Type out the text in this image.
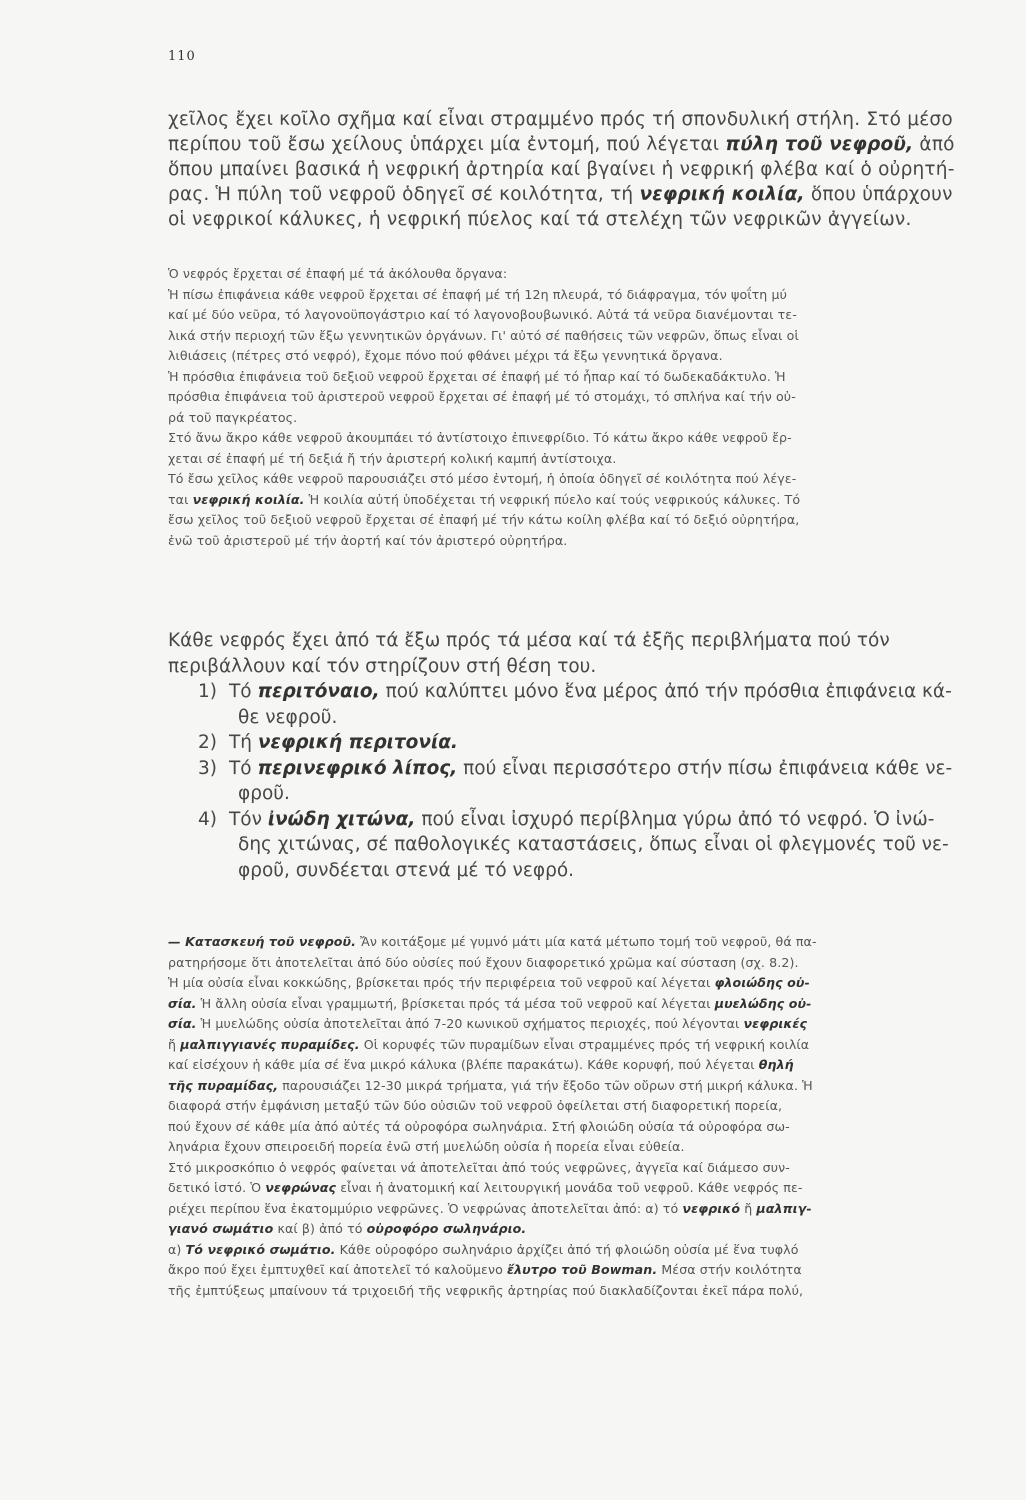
110
χεῖλος ἔχει κοῖλο σχῆμα καί εἶναι στραμμένο πρός τή σπονδυλική στήλη. Στό μέσο
περίπου τοῦ ἔσω χείλους ὑπάρχει μία ἐντομή, πού λέγεται πύλη τοῦ νεφροῦ, ἀπό
ὅπου μπαίνει βασικά ἡ νεφρική ἀρτηρία καί βγαίνει ἡ νεφρική φλέβα καί ὁ οὐρητή-
ρας. Ἡ πύλη τοῦ νεφροῦ ὁδηγεῖ σέ κοιλότητα, τή νεφρική κοιλία, ὅπου ὑπάρχουν
οἱ νεφρικοί κάλυκες, ἡ νεφρική πύελος καί τά στελέχη τῶν νεφρικῶν ἀγγείων.
Ὁ νεφρός ἔρχεται σέ ἐπαφή μέ τά ἀκόλουθα ὄργανα:
Ἡ πίσω ἐπιφάνεια κάθε νεφροῦ ἔρχεται σέ ἐπαφή μέ τή 12η πλευρά, τό διάφραγμα, τόν ψοΐτη μύ
καί μέ δύο νεῦρα, τό λαγονοϋπογάστριο καί τό λαγονοβουβωνικό. Αὐτά τά νεῦρα διανέμονται τε-
λικά στήν περιοχή τῶν ἔξω γεννητικῶν ὀργάνων. Γι' αὐτό σέ παθήσεις τῶν νεφρῶν, ὅπως εἶναι οἱ
λιθιάσεις (πέτρες στό νεφρό), ἔχομε πόνο πού φθάνει μέχρι τά ἔξω γεννητικά ὄργανα.
Ἡ πρόσθια ἐπιφάνεια τοῦ δεξιοῦ νεφροῦ ἔρχεται σέ ἐπαφή μέ τό ἧπαρ καί τό δωδεκαδάκτυλο. Ἡ
πρόσθια ἐπιφάνεια τοῦ ἀριστεροῦ νεφροῦ ἔρχεται σέ ἐπαφή μέ τό στομάχι, τό σπλήνα καί τήν οὐ-
ρά τοῦ παγκρέατος.
Στό ἄνω ἄκρο κάθε νεφροῦ ἀκουμπάει τό ἀντίστοιχο ἐπινεφρίδιο. Τό κάτω ἄκρο κάθε νεφροῦ ἔρ-
χεται σέ ἐπαφή μέ τή δεξιά ἤ τήν ἀριστερή κολική καμπή ἀντίστοιχα.
Τό ἔσω χεῖλος κάθε νεφροῦ παρουσιάζει στό μέσο ἐντομή, ἡ ὁποία ὁδηγεῖ σέ κοιλότητα πού λέγε-
ται νεφρική κοιλία. Ἡ κοιλία αὐτή ὑποδέχεται τή νεφρική πύελο καί τούς νεφρικούς κάλυκες. Τό
ἔσω χεῖλος τοῦ δεξιοῦ νεφροῦ ἔρχεται σέ ἐπαφή μέ τήν κάτω κοίλη φλέβα καί τό δεξιό οὐρητήρα,
ἐνῶ τοῦ ἀριστεροῦ μέ τήν ἀορτή καί τόν ἀριστερό οὐρητήρα.
Κάθε νεφρός ἔχει ἀπό τά ἔξω πρός τά μέσα καί τά ἑξῆς περιβλήματα πού τόν
περιβάλλουν καί τόν στηρίζουν στή θέση του.
1) Τό περιτόναιο, πού καλύπτει μόνο ἕνα μέρος ἀπό τήν πρόσθια ἐπιφάνεια κά-
θε νεφροῦ.
2) Τή νεφρική περιτονία.
3) Τό περινεφρικό λίπος, πού εἶναι περισσότερο στήν πίσω ἐπιφάνεια κάθε νε-
φροῦ.
4) Τόν ἰνώδη χιτώνα, πού εἶναι ἰσχυρό περίβλημα γύρω ἀπό τό νεφρό. Ὁ ἰνώ-
δης χιτώνας, σέ παθολογικές καταστάσεις, ὅπως εἶναι οἱ φλεγμονές τοῦ νε-
φροῦ, συνδέεται στενά μέ τό νεφρό.
— Κατασκευή τοῦ νεφροῦ. Ἄν κοιτάξομε μέ γυμνό μάτι μία κατά μέτωπο τομή τοῦ νεφροῦ, θά πα-
ρατηρήσομε ὅτι ἀποτελεῖται ἀπό δύο οὐσίες πού ἔχουν διαφορετικό χρῶμα καί σύσταση (σχ. 8.2).
Ἡ μία οὐσία εἶναι κοκκώδης, βρίσκεται πρός τήν περιφέρεια τοῦ νεφροῦ καί λέγεται φλοιώδης οὐ-
σία. Ἡ ἄλλη οὐσία εἶναι γραμμωτή, βρίσκεται πρός τά μέσα τοῦ νεφροῦ καί λέγεται μυελώδης οὐ-
σία. Ἡ μυελώδης οὐσία ἀποτελεῖται ἀπό 7-20 κωνικοῦ σχήματος περιοχές, πού λέγονται νεφρικές
ἤ μαλπιγγιανές πυραμίδες. Οἱ κορυφές τῶν πυραμίδων εἶναι στραμμένες πρός τή νεφρική κοιλία
καί εἰσέχουν ἡ κάθε μία σέ ἕνα μικρό κάλυκα (βλέπε παρακάτω). Κάθε κορυφή, πού λέγεται θηλή
τῆς πυραμίδας, παρουσιάζει 12-30 μικρά τρήματα, γιά τήν ἔξοδο τῶν οὔρων στή μικρή κάλυκα. Ἡ
διαφορά στήν ἐμφάνιση μεταξύ τῶν δύο οὐσιῶν τοῦ νεφροῦ ὀφείλεται στή διαφορετική πορεία,
πού ἔχουν σέ κάθε μία ἀπό αὐτές τά οὐροφόρα σωληνάρια. Στή φλοιώδη οὐσία τά οὐροφόρα σω-
ληνάρια ἔχουν σπειροειδή πορεία ἐνῶ στή μυελώδη οὐσία ἡ πορεία εἶναι εὐθεία.
Στό μικροσκόπιο ὁ νεφρός φαίνεται νά ἀποτελεῖται ἀπό τούς νεφρῶνες, ἀγγεῖα καί διάμεσο συν-
δετικό ἱστό. Ὁ νεφρώνας εἶναι ἡ ἀνατομική καί λειτουργική μονάδα τοῦ νεφροῦ. Κάθε νεφρός πε-
ριέχει περίπου ἕνα ἑκατομμύριο νεφρῶνες. Ὁ νεφρώνας ἀποτελεῖται ἀπό: α) τό νεφρικό ἤ μαλπιγ-
γιανό σωμάτιο καί β) ἀπό τό οὐροφόρο σωληνάριο.
α) Τό νεφρικό σωμάτιο. Κάθε οὐροφόρο σωληνάριο ἀρχίζει ἀπό τή φλοιώδη οὐσία μέ ἕνα τυφλό
ἄκρο πού ἔχει ἐμπτυχθεῖ καί ἀποτελεῖ τό καλοῦμενο ἔλυτρο τοῦ Bowman. Μέσα στήν κοιλότητα
τῆς ἐμπτύξεως μπαίνουν τά τριχοειδή τῆς νεφρικῆς ἀρτηρίας πού διακλαδίζονται ἐκεῖ πάρα πολύ,
